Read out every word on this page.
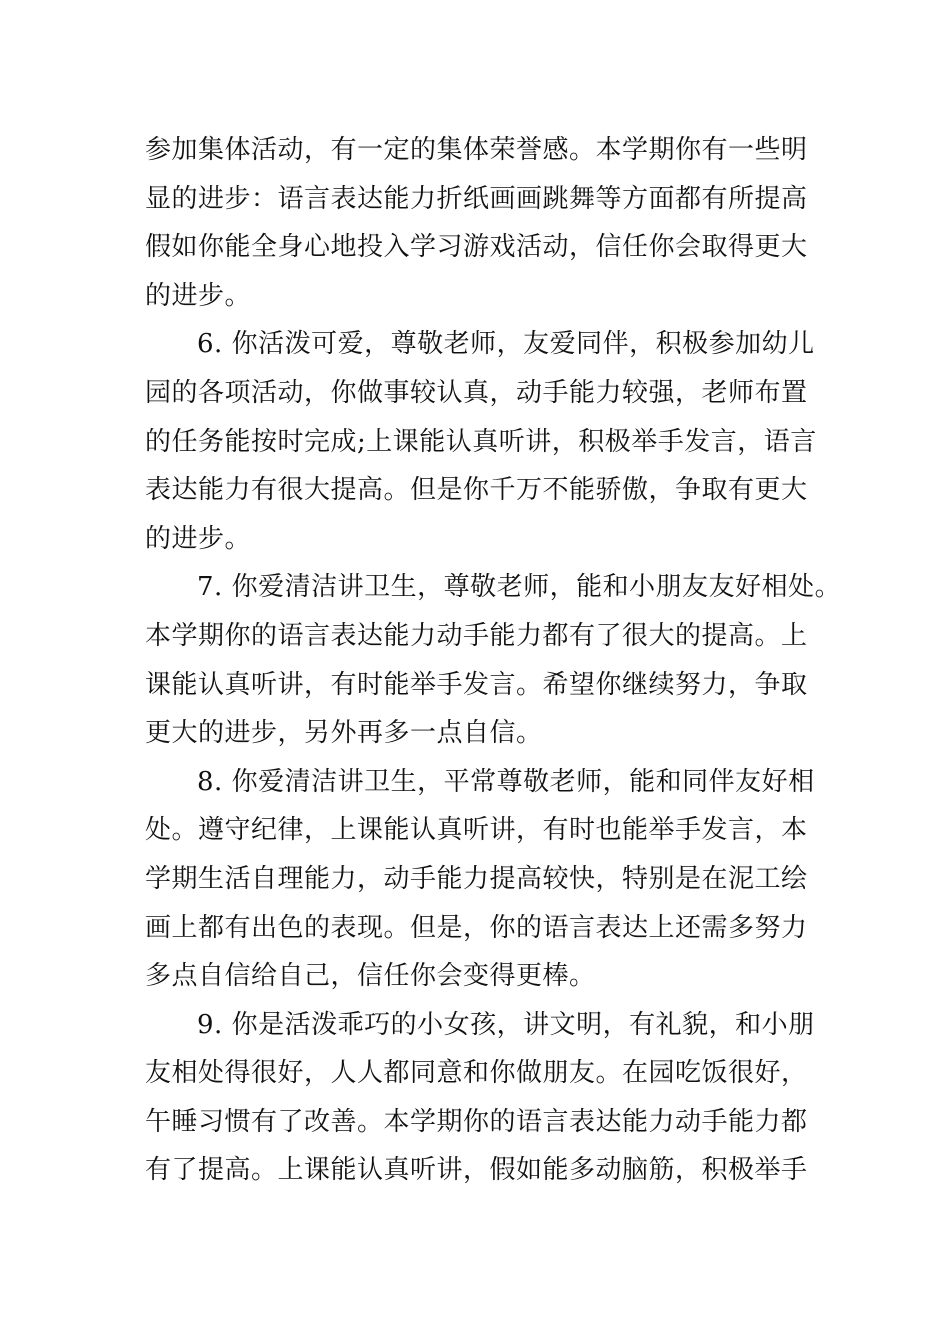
参加集体活动，有一定的集体荣誉感。本学期你有一些明
显的进步：语言表达能力折纸画画跳舞等方面都有所提高
假如你能全身心地投入学习游戏活动，信任你会取得更大
的进步。
6. 你活泼可爱，尊敬老师，友爱同伴，积极参加幼儿
园的各项活动，你做事较认真，动手能力较强，老师布置
的任务能按时完成;上课能认真听讲，积极举手发言，语言
表达能力有很大提高。但是你千万不能骄傲，争取有更大
的进步。
7. 你爱清洁讲卫生，尊敬老师，能和小朋友友好相处。
本学期你的语言表达能力动手能力都有了很大的提高。上
课能认真听讲，有时能举手发言。希望你继续努力，争取
更大的进步，另外再多一点自信。
8. 你爱清洁讲卫生，平常尊敬老师，能和同伴友好相
处。遵守纪律，上课能认真听讲，有时也能举手发言，本
学期生活自理能力，动手能力提高较快，特别是在泥工绘
画上都有出色的表现。但是，你的语言表达上还需多努力
多点自信给自己，信任你会变得更棒。
9. 你是活泼乖巧的小女孩，讲文明，有礼貌，和小朋
友相处得很好，人人都同意和你做朋友。在园吃饭很好，
午睡习惯有了改善。本学期你的语言表达能力动手能力都
有了提高。上课能认真听讲，假如能多动脑筋，积极举手
